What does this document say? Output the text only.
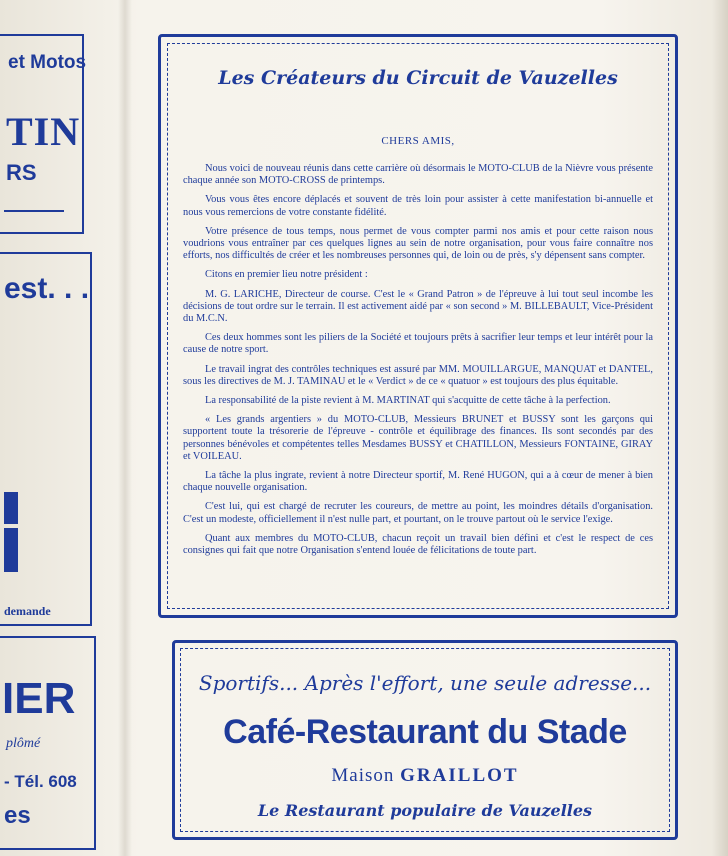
et Motos
TIN
RS
est. . .
demande
IER
plômé
- Tél. 608
es
Les Créateurs du Circuit de Vauzelles
CHERS AMIS,

Nous voici de nouveau réunis dans cette carrière où désormais le MOTO-CLUB de la Nièvre vous présente chaque année son MOTO-CROSS de printemps.

Vous vous êtes encore déplacés et souvent de très loin pour assister à cette manifestation bi-annuelle et nous vous remercions de votre constante fidélité.

Votre présence de tous temps, nous permet de vous compter parmi nos amis et pour cette raison nous voudrions vous entraîner par ces quelques lignes au sein de notre organisation, pour vous faire connaître nos efforts, nos difficultés de créer et les nombreuses personnes qui, de loin ou de près, s'y dépensent sans compter.

Citons en premier lieu notre président :

M. G. LARICHE, Directeur de course. C'est le « Grand Patron » de l'épreuve à lui tout seul incombe les décisions de tout ordre sur le terrain. Il est activement aidé par « son second » M. BILLEBAULT, Vice-Président du M.C.N.

Ces deux hommes sont les piliers de la Société et toujours prêts à sacrifier leur temps et leur intérêt pour la cause de notre sport.

Le travail ingrat des contrôles techniques est assuré par MM. MOUILLARGUE, MANQUAT et DANTEL, sous les directives de M. J. TAMINAU et le « Verdict » de ce « quatuor » est toujours des plus équitable.

La responsabilité de la piste revient à M. MARTINAT qui s'acquitte de cette tâche à la perfection.

« Les grands argentiers » du MOTO-CLUB, Messieurs BRUNET et BUSSY sont les garçons qui supportent toute la trésorerie de l'épreuve - contrôle et équilibrage des finances. Ils sont secondés par des personnes bénévoles et compétentes telles Mesdames BUSSY et CHATILLON, Messieurs FONTAINE, GIRAY et VOILEAU.

La tâche la plus ingrate, revient à notre Directeur sportif, M. René HUGON, qui a à cœur de mener à bien chaque nouvelle organisation.

C'est lui, qui est chargé de recruter les coureurs, de mettre au point, les moindres détails d'organisation. C'est un modeste, officiellement il n'est nulle part, et pourtant, on le trouve partout où le service l'exige.

Quant aux membres du MOTO-CLUB, chacun reçoit un travail bien défini et c'est le respect de ces consignes qui fait que notre Organisation s'entend louée de félicitations de toute part.

Sportifs... Après l'effort, une seule adresse...
Café-Restaurant du Stade
Maison GRAILLOT
Le Restaurant populaire de Vauzelles
